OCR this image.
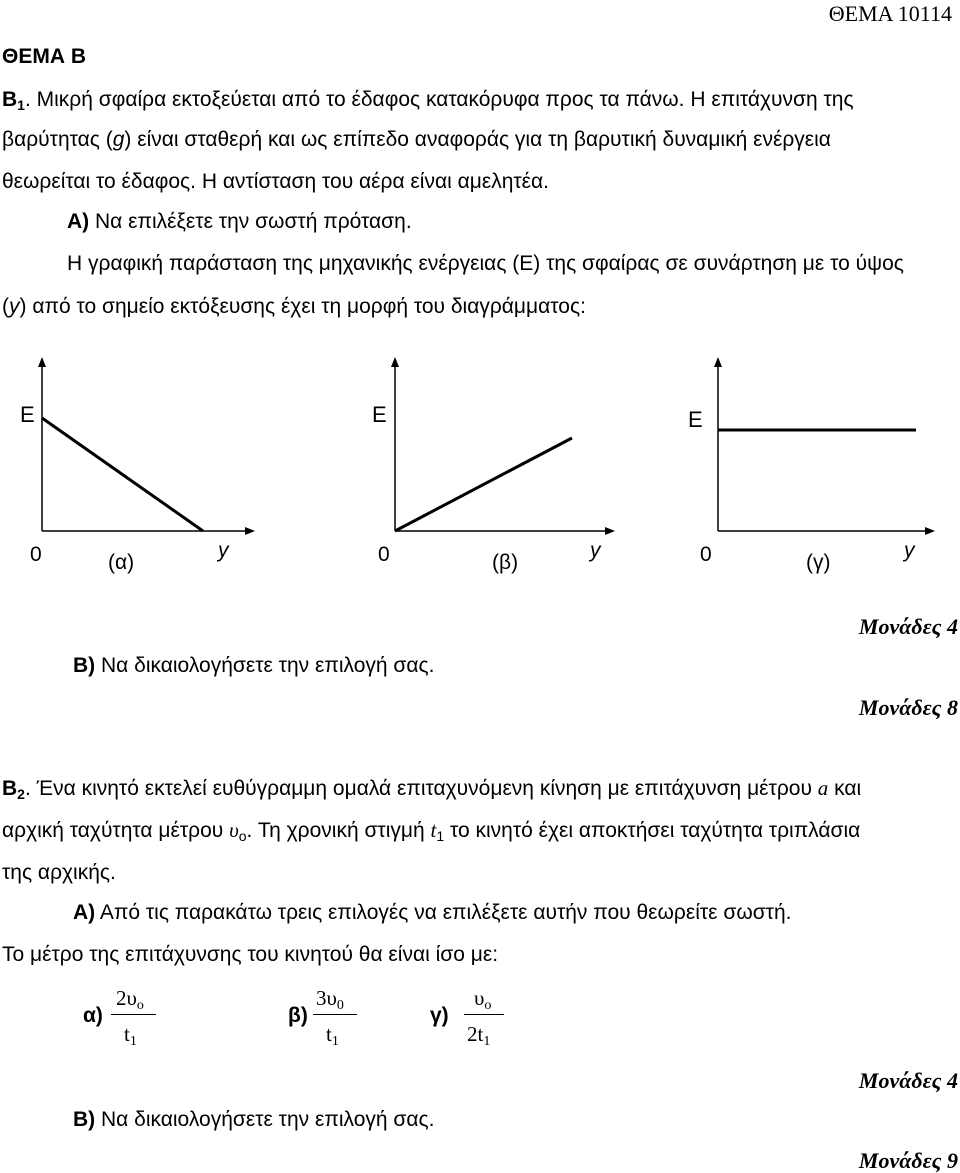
ΘΕΜΑ 10114
ΘΕΜΑ Β
$B_1$. Μικρή σφαίρα εκτοξεύεται από το έδαφος κατακόρυφα προς τα πάνω. Η επιτάχυνση της
βαρύτητας (g) είναι σταθερή και ως επίπεδο αναφοράς για τη βαρυτική δυναμική ενέργεια
θεωρείται το έδαφος. Η αντίσταση του αέρα είναι αμελητέα.
Α) Να επιλέξετε την σωστή πρόταση.
Η γραφική παράσταση της μηχανικής ενέργειας (Ε) της σφαίρας σε συνάρτηση με το ύψος
(y) από το σημείο εκτόξευσης έχει τη μορφή του διαγράμματος:
E
0	(α)
y
E
0	(β)
y
E
0	(γ)
y
Μονάδες 4
Β) Να δικαιολογήσετε την επιλογή σας.
Μονάδες 8
$B_2$. Ένα κινητό εκτελεί ευθύγραμμη ομαλά επιταχυνόμενη κίνηση με επιτάχυνση μέτρου a και
αρχική ταχύτητα μέτρου $\upsilon_o$. Τη χρονική στιγμή $t_1$ το κινητό έχει αποκτήσει ταχύτητα τριπλάσια
της αρχικής.
Α) Από τις παρακάτω τρεις επιλογές να επιλέξετε αυτήν που θεωρείτε σωστή.
Το μέτρο της επιτάχυνσης του κινητού θα είναι ίσο με:
α)
$2\upsilon_o$
$t_1$
β)
$3\upsilon_0$
$t_1$
γ)
$\upsilon_o$
$2t_1$
Μονάδες 4
Β) Να δικαιολογήσετε την επιλογή σας.
Μονάδες 9
